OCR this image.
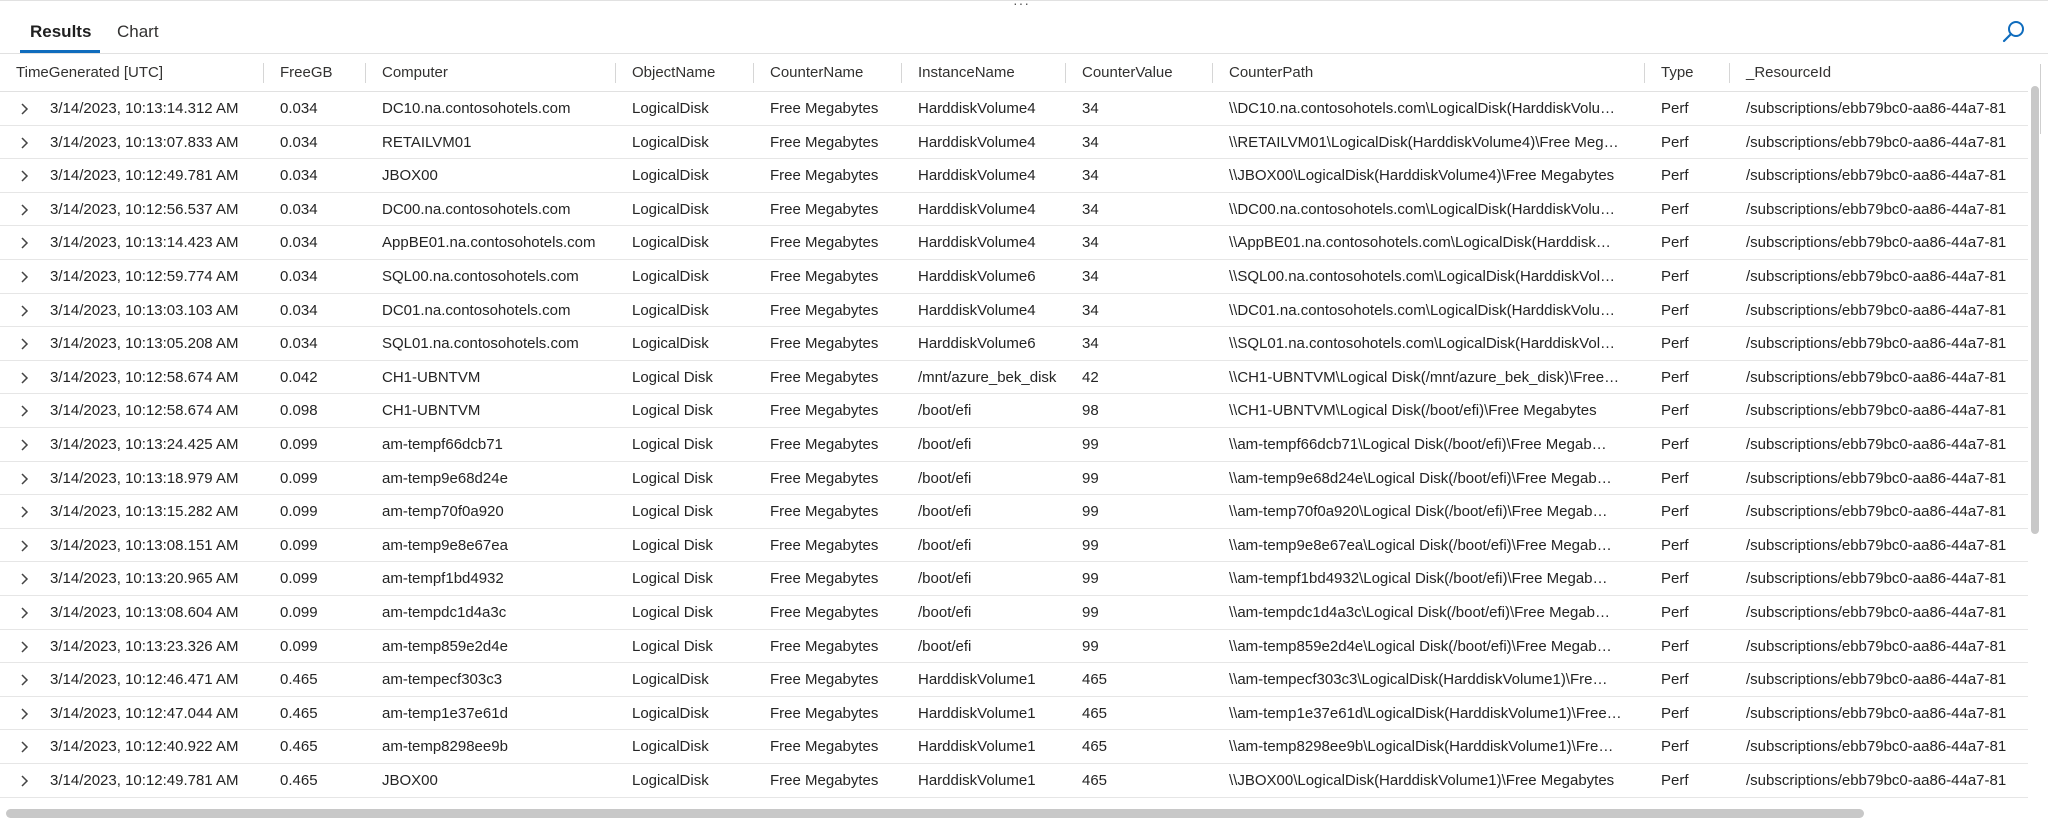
···
Results Chart
TimeGenerated [UTC]	FreeGB	Computer	ObjectName	CounterName	InstanceName	CounterValue	CounterPath	Type	_ResourceId
3/14/2023, 10:13:14.312 AM	0.034	DC10.na.contosohotels.com	LogicalDisk	Free Megabytes	HarddiskVolume4	34	\\DC10.na.contosohotels.com\LogicalDisk(HarddiskVolu…	Perf	/subscriptions/ebb79bc0-aa86-44a7-81
3/14/2023, 10:13:07.833 AM	0.034	RETAILVM01	LogicalDisk	Free Megabytes	HarddiskVolume4	34	\\RETAILVM01\LogicalDisk(HarddiskVolume4)\Free Meg…	Perf	/subscriptions/ebb79bc0-aa86-44a7-81
3/14/2023, 10:12:49.781 AM	0.034	JBOX00	LogicalDisk	Free Megabytes	HarddiskVolume4	34	\\JBOX00\LogicalDisk(HarddiskVolume4)\Free Megabytes	Perf	/subscriptions/ebb79bc0-aa86-44a7-81
3/14/2023, 10:12:56.537 AM	0.034	DC00.na.contosohotels.com	LogicalDisk	Free Megabytes	HarddiskVolume4	34	\\DC00.na.contosohotels.com\LogicalDisk(HarddiskVolu…	Perf	/subscriptions/ebb79bc0-aa86-44a7-81
3/14/2023, 10:13:14.423 AM	0.034	AppBE01.na.contosohotels.com	LogicalDisk	Free Megabytes	HarddiskVolume4	34	\\AppBE01.na.contosohotels.com\LogicalDisk(Harddisk…	Perf	/subscriptions/ebb79bc0-aa86-44a7-81
3/14/2023, 10:12:59.774 AM	0.034	SQL00.na.contosohotels.com	LogicalDisk	Free Megabytes	HarddiskVolume6	34	\\SQL00.na.contosohotels.com\LogicalDisk(HarddiskVol…	Perf	/subscriptions/ebb79bc0-aa86-44a7-81
3/14/2023, 10:13:03.103 AM	0.034	DC01.na.contosohotels.com	LogicalDisk	Free Megabytes	HarddiskVolume4	34	\\DC01.na.contosohotels.com\LogicalDisk(HarddiskVolu…	Perf	/subscriptions/ebb79bc0-aa86-44a7-81
3/14/2023, 10:13:05.208 AM	0.034	SQL01.na.contosohotels.com	LogicalDisk	Free Megabytes	HarddiskVolume6	34	\\SQL01.na.contosohotels.com\LogicalDisk(HarddiskVol…	Perf	/subscriptions/ebb79bc0-aa86-44a7-81
3/14/2023, 10:12:58.674 AM	0.042	CH1-UBNTVM	Logical Disk	Free Megabytes	/mnt/azure_bek_disk	42	\\CH1-UBNTVM\Logical Disk(/mnt/azure_bek_disk)\Free…	Perf	/subscriptions/ebb79bc0-aa86-44a7-81
3/14/2023, 10:12:58.674 AM	0.098	CH1-UBNTVM	Logical Disk	Free Megabytes	/boot/efi	98	\\CH1-UBNTVM\Logical Disk(/boot/efi)\Free Megabytes	Perf	/subscriptions/ebb79bc0-aa86-44a7-81
3/14/2023, 10:13:24.425 AM	0.099	am-tempf66dcb71	Logical Disk	Free Megabytes	/boot/efi	99	\\am-tempf66dcb71\Logical Disk(/boot/efi)\Free Megab…	Perf	/subscriptions/ebb79bc0-aa86-44a7-81
3/14/2023, 10:13:18.979 AM	0.099	am-temp9e68d24e	Logical Disk	Free Megabytes	/boot/efi	99	\\am-temp9e68d24e\Logical Disk(/boot/efi)\Free Megab…	Perf	/subscriptions/ebb79bc0-aa86-44a7-81
3/14/2023, 10:13:15.282 AM	0.099	am-temp70f0a920	Logical Disk	Free Megabytes	/boot/efi	99	\\am-temp70f0a920\Logical Disk(/boot/efi)\Free Megab…	Perf	/subscriptions/ebb79bc0-aa86-44a7-81
3/14/2023, 10:13:08.151 AM	0.099	am-temp9e8e67ea	Logical Disk	Free Megabytes	/boot/efi	99	\\am-temp9e8e67ea\Logical Disk(/boot/efi)\Free Megab…	Perf	/subscriptions/ebb79bc0-aa86-44a7-81
3/14/2023, 10:13:20.965 AM	0.099	am-tempf1bd4932	Logical Disk	Free Megabytes	/boot/efi	99	\\am-tempf1bd4932\Logical Disk(/boot/efi)\Free Megab…	Perf	/subscriptions/ebb79bc0-aa86-44a7-81
3/14/2023, 10:13:08.604 AM	0.099	am-tempdc1d4a3c	Logical Disk	Free Megabytes	/boot/efi	99	\\am-tempdc1d4a3c\Logical Disk(/boot/efi)\Free Megab…	Perf	/subscriptions/ebb79bc0-aa86-44a7-81
3/14/2023, 10:13:23.326 AM	0.099	am-temp859e2d4e	Logical Disk	Free Megabytes	/boot/efi	99	\\am-temp859e2d4e\Logical Disk(/boot/efi)\Free Megab…	Perf	/subscriptions/ebb79bc0-aa86-44a7-81
3/14/2023, 10:12:46.471 AM	0.465	am-tempecf303c3	LogicalDisk	Free Megabytes	HarddiskVolume1	465	\\am-tempecf303c3\LogicalDisk(HarddiskVolume1)\Fre…	Perf	/subscriptions/ebb79bc0-aa86-44a7-81
3/14/2023, 10:12:47.044 AM	0.465	am-temp1e37e61d	LogicalDisk	Free Megabytes	HarddiskVolume1	465	\\am-temp1e37e61d\LogicalDisk(HarddiskVolume1)\Free…	Perf	/subscriptions/ebb79bc0-aa86-44a7-81
3/14/2023, 10:12:40.922 AM	0.465	am-temp8298ee9b	LogicalDisk	Free Megabytes	HarddiskVolume1	465	\\am-temp8298ee9b\LogicalDisk(HarddiskVolume1)\Fre…	Perf	/subscriptions/ebb79bc0-aa86-44a7-81
3/14/2023, 10:12:49.781 AM	0.465	JBOX00	LogicalDisk	Free Megabytes	HarddiskVolume1	465	\\JBOX00\LogicalDisk(HarddiskVolume1)\Free Megabytes	Perf	/subscriptions/ebb79bc0-aa86-44a7-81
